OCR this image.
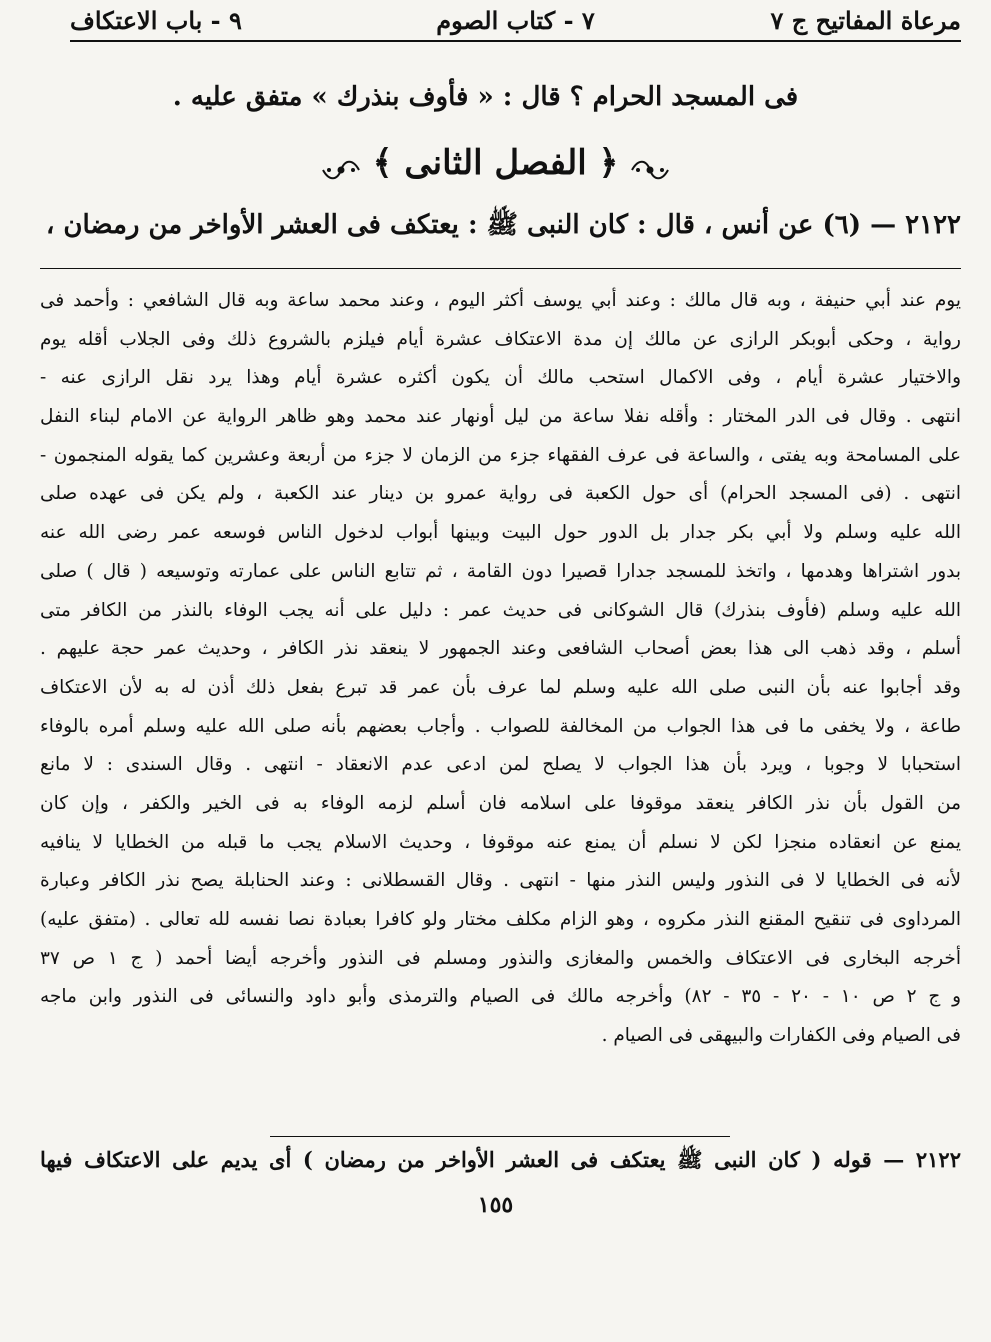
مرعاة المفاتيح ج ٧
٧ - كتاب الصوم
٩ - باب الاعتكاف
فى المسجد الحرام ؟ قال : « فأوف بنذرك » متفق عليه .
﴿ الفصل الثانى ﴾
٢١٢٢ — (٦) عن أنس ، قال : كان النبى ﷺ : يعتكف فى العشر الأواخر من رمضان ،
يوم عند أبي حنيفة ، وبه قال مالك : وعند أبي يوسف أكثر اليوم ، وعند محمد ساعة وبه قال الشافعي : وأحمد فى
رواية ، وحكى أبوبكر الرازى عن مالك إن مدة الاعتكاف عشرة أيام فيلزم بالشروع ذلك وفى الجلاب أقله يوم
والاختيار عشرة أيام ، وفى الاكمال استحب مالك أن يكون أكثره عشرة أيام وهذا يرد نقل الرازى عنه -
انتهى . وقال فى الدر المختار : وأقله نفلا ساعة من ليل أونهار عند محمد وهو ظاهر الرواية عن الامام لبناء النفل
على المسامحة وبه يفتى ، والساعة فى عرف الفقهاء جزء من الزمان لا جزء من أربعة وعشرين كما يقوله المنجمون -
انتهى . (فى المسجد الحرام) أى حول الكعبة فى رواية عمرو بن دينار عند الكعبة ، ولم يكن فى عهده صلى
الله عليه وسلم ولا أبي بكر جدار بل الدور حول البيت وبينها أبواب لدخول الناس فوسعه عمر رضى الله عنه
بدور اشتراها وهدمها ، واتخذ للمسجد جدارا قصيرا دون القامة ، ثم تتابع الناس على عمارته وتوسيعه ( قال ) صلى
الله عليه وسلم (فأوف بنذرك) قال الشوكانى فى حديث عمر : دليل على أنه يجب الوفاء بالنذر من الكافر متى
أسلم ، وقد ذهب الى هذا بعض أصحاب الشافعى وعند الجمهور لا ينعقد نذر الكافر ، وحديث عمر حجة عليهم .
وقد أجابوا عنه بأن النبى صلى الله عليه وسلم لما عرف بأن عمر قد تبرع بفعل ذلك أذن له به لأن الاعتكاف
طاعة ، ولا يخفى ما فى هذا الجواب من المخالفة للصواب . وأجاب بعضهم بأنه صلى الله عليه وسلم أمره بالوفاء
استحبابا لا وجوبا ، ويرد بأن هذا الجواب لا يصلح لمن ادعى عدم الانعقاد - انتهى . وقال السندى : لا مانع
من القول بأن نذر الكافر ينعقد موقوفا على اسلامه فان أسلم لزمه الوفاء به فى الخير والكفر ، وإن كان
يمنع عن انعقاده منجزا لكن لا نسلم أن يمنع عنه موقوفا ، وحديث الاسلام يجب ما قبله من الخطايا لا ينافيه
لأنه فى الخطايا لا فى النذور وليس النذر منها - انتهى . وقال القسطلانى : وعند الحنابلة يصح نذر الكافر وعبارة
المرداوى فى تنقيح المقنع النذر مكروه ، وهو الزام مكلف مختار ولو كافرا بعبادة نصا نفسه لله تعالى . (متفق عليه)
أخرجه البخارى فى الاعتكاف والخمس والمغازى والنذور ومسلم فى النذور وأخرجه أيضا أحمد ( ج ١ ص ٣٧
و ج ٢ ص ١٠ - ٢٠ - ٣٥ - ٨٢) وأخرجه مالك فى الصيام والترمذى وأبو داود والنسائى فى النذور وابن ماجه
فى الصيام وفى الكفارات والبيهقى فى الصيام .
٢١٢٢ — قوله ( كان النبى ﷺ يعتكف فى العشر الأواخر من رمضان ) أى يديم على الاعتكاف فيها
١٥٥
